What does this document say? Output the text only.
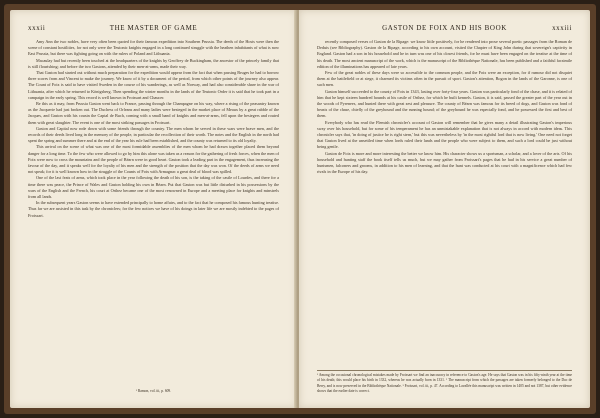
xxxii	THE MASTER OF GAME

Amy Ann the two nobles, have very often been quoted for their famous expedition into Southern Prussia. The deeds of the Hosts were then the scene of constant hostilities, for not only were the Teutonic knights engaged in a long continued struggle with the heathen inhabitants of what is now East Prussia, but there was fighting going on with the rulers of Poland and Lithuania.

Macaulay had but recently been touched at the headquarters of the knights by Geoffrey de Buckingham, the ancestor of the princely family that is still flourishing; and before the two Gastons, attended by their men-at-arms, made their way.

That Gaston had started out without much preparation for the expedition would appear from the fact that when passing Bruges he had to borrow three scores from and Vincent to make the journey. We know of it by a document of the period, from which other points of the journey also appear. The Count of Foix is said to have visited Sweden in the course of his wanderings, as well as Norway, and had also considerable share in the war of Lithuania, after which he returned to Königsberg. Then spending the winter months in the lands of the Teutonic Order it is said that he took part in a campaign in the early spring. This record is well known in Froissart and Chaucer.

Be this as it may, from Prussia Gaston went back to France, passing through the Champagne on his way, where a rising of the peasantry known as the Jacquerie had just broken out. The Duchess of Orleans and many ladies were besieged in the market place of Meaux by a great rabble of the Jacques, and Gaston with his cousin the Captal de Buch, coming with a small band of knights and men-at-arms, fell upon the besiegers and routed them with great slaughter. The event is one of the most striking passages in Froissart.

Gaston and Capital now rode down with some friends through the country. The men whom he served in these wars were brave men, and the records of their deeds lived long in the memory of the people, in particular the recollection of their worth. The notes and the English in the north had spent the spring and summer there and at the end of the year his rule had been established, and the county was returned to its old loyalty.

This arrival on the scene of what was one of the most formidable assemblies of the men whom he had drawn together placed them beyond danger for a long time. To the few who were allowed to go by him this alone was taken as a reason for the gathering of fresh forces, when the men of Foix were now to cross the mountains and the people of Béarn were in good heart. Gaston took a leading part in the engagement, thus increasing the favour of the day, and it speaks well for the loyalty of his men and the strength of the position that the day was won. Of the deeds of arms we need not speak; for it is well known how in the struggle of the Counts of Foix with Armagnac a great deal of blood was spilled.

One of the last feats of arms, which took place in the year following the death of his son, is the taking of the castle of Lourdes, and there for a time there was peace, the Prince of Wales and Gaston holding his own in Béarn. Put that Gaston was but little disturbed in his possessions by the wars of the English and the French, his court at Orthez became one of the most renowned in Europe and a meeting place for knights and minstrels from all lands.

In the subsequent years Gaston seems to have extended principally to home affairs, and to the fact that he composed his famous hunting treatise. Thus far we are assisted in this task by the chroniclers; for the few notices we have of his doings in later life we are mostly indebted to the pages of Froissart.

¹ Ramon, vol. iii, p. 609.
GASTON DE FOIX AND HIS BOOK	xxxiii

recently composed verses of Gaston de la Ripage: we know little positively, for he rendered into prose several poetic passages from the Roman de Deduis (see Bibliography). Gaston de la Ripage, according to his own account, visited the Chapter of King John during that sovereign's captivity in England. Gaston had a son in his household and he in turn was one of his closest friends, for he must have been engaged on the treatise at the time of his death. The most ancient manuscript of the work, which is the manuscript of the Bibliothèque Nationale, has been published and a faithful facsimile edition of the illuminations has appeared of late years.

Few of the great nobles of these days were so accessible to the common people, and the Foix were an exception, for if rumour did not disquiet them at the battlefield or at siege, it charmed its victims often in the pursuit of sport. Gaston's attention, Bogon in the lands of the Garonne, is one of such men.

Gaston himself succeeded to the county of Foix in 1343, lasting over forty-four years. Gaston was particularly fond of the chase, and it is related of him that he kept sixteen hundred hounds at his castle of Orthez, for which he built kennels. Gaston, it is said, passed the greater part of the year out in the woods of Pyrenees, and hunted there with great zest and pleasure. The county of Béarn was famous for its breed of dogs, and Gaston was fond of beasts of the chase, chiefly of the greyhound and the running hound; of the greyhound he was especially fond, and he possessed the first and best of them.

Everybody who has read the Flemish chronicler's account of Gaston will remember that he gives many a detail illustrating Gaston's imperious sway over his household, but for some of his temperament he has an unmistakable explanation that is not always in accord with modern ideas. This chronicler says that, 'in doing of justice he is right stern,' but this was nevertheless by 'in the most rightful lord that is now living.' One need not forget that Gaston lived at the unsettled time when lords ruled their lands and the people who were subject to them, and such a lord could be just without being gentle.

Gaston de Foix is more and more interesting the better we know him. His character shows us a sportsman, a scholar, and a lover of the arts. Of his household and hunting staff the book itself tells us much, but we may gather from Froissart's pages that he had in his service a great number of huntsmen, falconers and grooms, in addition to his men of learning, and that the hunt was conducted at his court with a magnificence which had few rivals in the Europe of his day.

¹ Among the occasional chronological mistakes made by Froissart we find an inaccuracy in reference to Gaston's age. He says that Gaston was in his fifty-ninth year at the time of his death; this would place his birth in 1332, whereas he was actually born in 1331. ² The manuscript from which the passages are taken formerly belonged to the Duc de Berry, and is now preserved in the Bibliothèque Nationale. ³ Froissart, vol. iii, p. 47. According to Lavallée this manuscript was written in 1405 and not 1387, but other evidence shows that the earlier date is correct.
